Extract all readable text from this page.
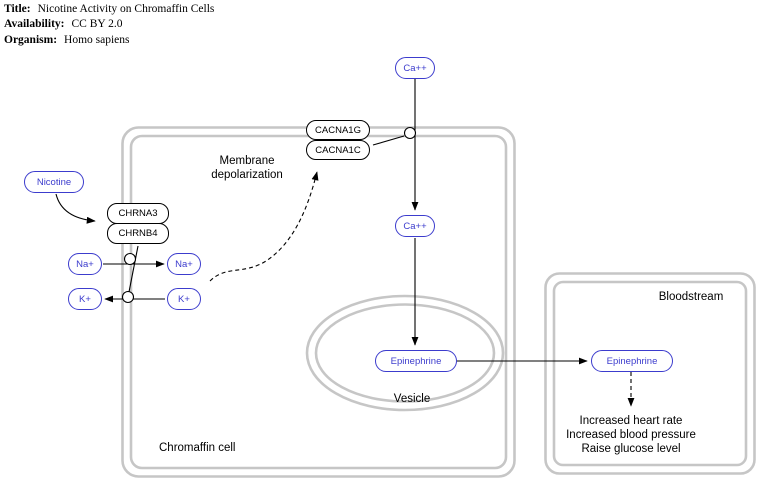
Title: Nicotine Activity on Chromaffin Cells
Availability: CC BY 2.0
Organism: Homo sapiens
Nicotine
Na+	Na+
K+	K+
Ca++
Ca++
Epinephrine	Epinephrine
CHRNA3
CHRNB4
CACNA1G
CACNA1C
Membrane
depolarization
Chromaffin cell
Vesicle
Bloodstream
Increased heart rate
Increased blood pressure
Raise glucose level
